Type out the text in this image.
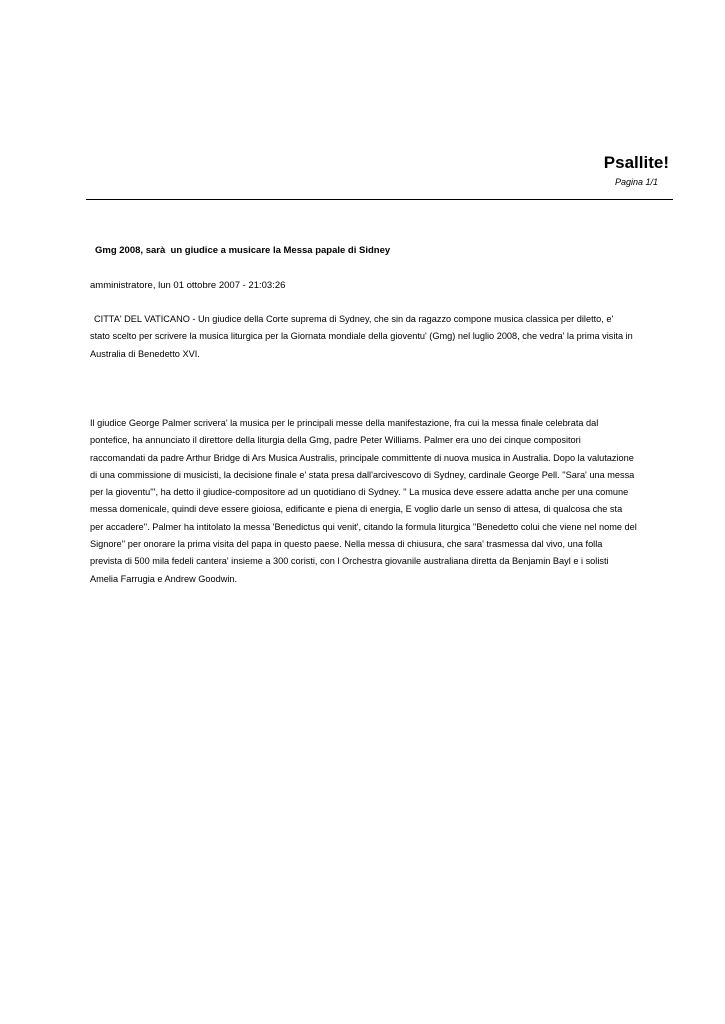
Psallite!
Pagina 1/1
Gmg 2008, sarà  un giudice a musicare la Messa papale di Sidney
amministratore, lun 01 ottobre 2007 - 21:03:26

CITTA' DEL VATICANO - Un giudice della Corte suprema di Sydney, che sin da ragazzo compone musica classica per diletto, e'
stato scelto per scrivere la musica liturgica per la Giornata mondiale della gioventu' (Gmg) nel luglio 2008, che vedra' la prima visita in
Australia di Benedetto XVI.

Il giudice George Palmer scrivera' la musica per le principali messe della manifestazione, fra cui la messa finale celebrata dal
pontefice, ha annunciato il direttore della liturgia della Gmg, padre Peter Williams. Palmer era uno dei cinque compositori
raccomandati da padre Arthur Bridge di Ars Musica Australis, principale committente di nuova musica in Australia. Dopo la valutazione
di una commissione di musicisti, la decisione finale e' stata presa dall'arcivescovo di Sydney, cardinale George Pell. ''Sara' una messa
per la gioventu''', ha detto il giudice-compositore ad un quotidiano di Sydney. '' La musica deve essere adatta anche per una comune
messa domenicale, quindi deve essere gioiosa, edificante e piena di energia, E voglio darle un senso di attesa, di qualcosa che sta
per accadere''. Palmer ha intitolato la messa 'Benedictus qui venit', citando la formula liturgica ''Benedetto colui che viene nel nome del
Signore'' per onorare la prima visita del papa in questo paese. Nella messa di chiusura, che sara' trasmessa dal vivo, una folla
prevista di 500 mila fedeli cantera' insieme a 300 coristi, con l Orchestra giovanile australiana diretta da Benjamin Bayl e i solisti
Amelia Farrugia e Andrew Goodwin.
